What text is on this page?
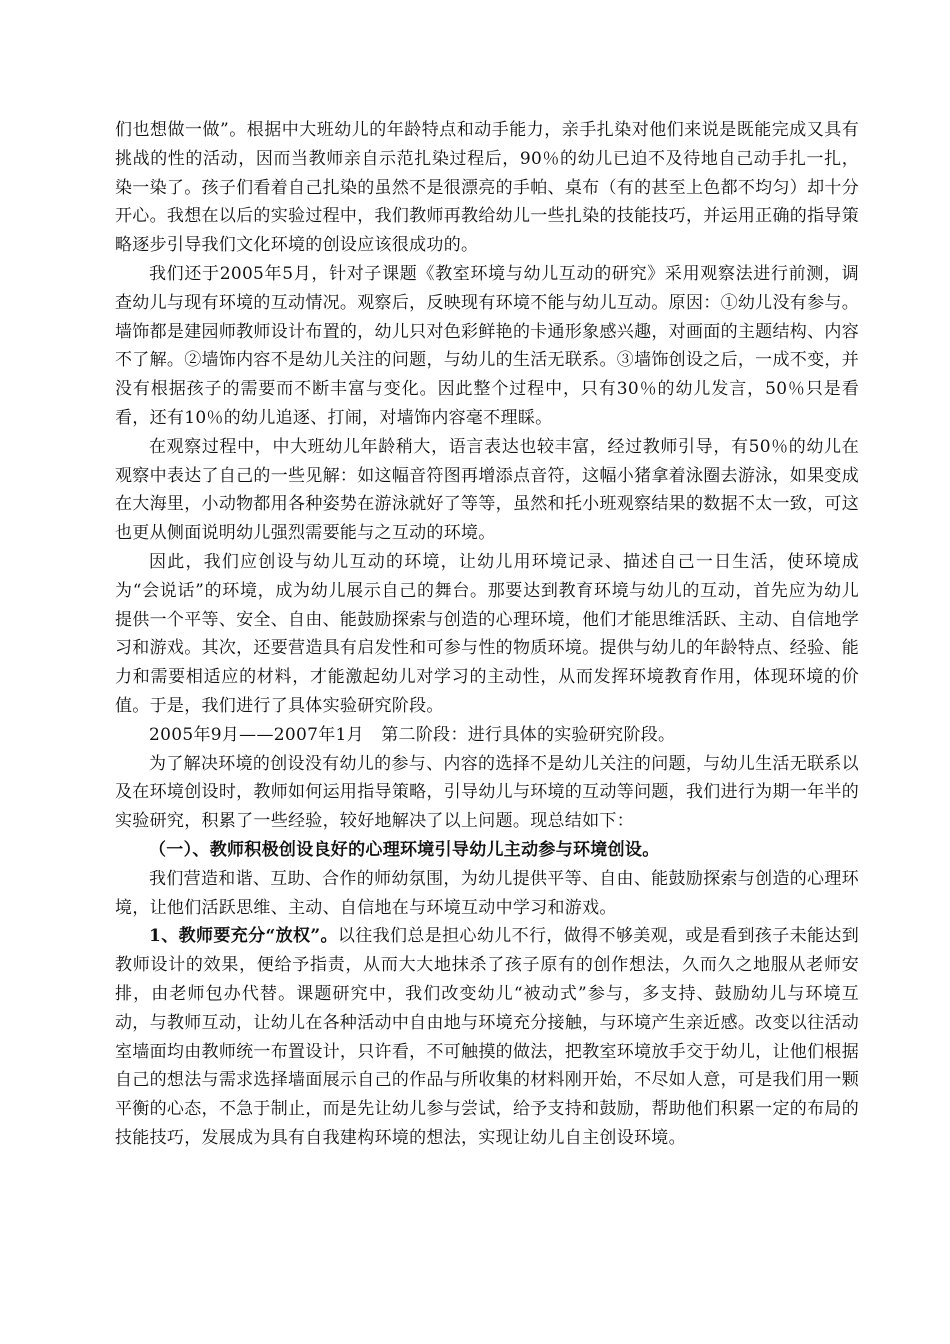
们也想做一做”。根据中大班幼儿的年龄特点和动手能力，亲手扎染对他们来说是既能完成又具有挑战的性的活动，因而当教师亲自示范扎染过程后，90％的幼儿已迫不及待地自己动手扎一扎，染一染了。孩子们看着自己扎染的虽然不是很漂亮的手帕、桌布（有的甚至上色都不均匀）却十分开心。我想在以后的实验过程中，我们教师再教给幼儿一些扎染的技能技巧，并运用正确的指导策略逐步引导我们文化环境的创设应该很成功的。

我们还于2005年5月，针对子课题《教室环境与幼儿互动的研究》采用观察法进行前测，调查幼儿与现有环境的互动情况。观察后，反映现有环境不能与幼儿互动。原因：①幼儿没有参与。墙饰都是建园师教师设计布置的，幼儿只对色彩鲜艳的卡通形象感兴趣，对画面的主题结构、内容不了解。②墙饰内容不是幼儿关注的问题，与幼儿的生活无联系。③墙饰创设之后，一成不变，并没有根据孩子的需要而不断丰富与变化。因此整个过程中，只有30％的幼儿发言，50％只是看看，还有10％的幼儿追逐、打闹，对墙饰内容毫不理睬。

在观察过程中，中大班幼儿年龄稍大，语言表达也较丰富，经过教师引导，有50％的幼儿在观察中表达了自己的一些见解：如这幅音符图再增添点音符，这幅小猪拿着泳圈去游泳，如果变成在大海里，小动物都用各种姿势在游泳就好了等等，虽然和托小班观察结果的数据不太一致，可这也更从侧面说明幼儿强烈需要能与之互动的环境。

因此，我们应创设与幼儿互动的环境，让幼儿用环境记录、描述自己一日生活，使环境成为“会说话”的环境，成为幼儿展示自己的舞台。那要达到教育环境与幼儿的互动，首先应为幼儿提供一个平等、安全、自由、能鼓励探索与创造的心理环境，他们才能思维活跃、主动、自信地学习和游戏。其次，还要营造具有启发性和可参与性的物质环境。提供与幼儿的年龄特点、经验、能力和需要相适应的材料，才能激起幼儿对学习的主动性，从而发挥环境教育作用，体现环境的价值。于是，我们进行了具体实验研究阶段。

2005年9月——2007年1月　第二阶段：进行具体的实验研究阶段。

为了解决环境的创设没有幼儿的参与、内容的选择不是幼儿关注的问题，与幼儿生活无联系以及在环境创设时，教师如何运用指导策略，引导幼儿与环境的互动等问题，我们进行为期一年半的实验研究，积累了一些经验，较好地解决了以上问题。现总结如下：

（一）、教师积极创设良好的心理环境引导幼儿主动参与环境创设。

我们营造和谐、互助、合作的师幼氛围，为幼儿提供平等、自由、能鼓励探索与创造的心理环境，让他们活跃思维、主动、自信地在与环境互动中学习和游戏。

1、教师要充分“放权”。以往我们总是担心幼儿不行，做得不够美观，或是看到孩子未能达到教师设计的效果，便给予指责，从而大大地抹杀了孩子原有的创作想法，久而久之地服从老师安排，由老师包办代替。课题研究中，我们改变幼儿“被动式”参与，多支持、鼓励幼儿与环境互动，与教师互动，让幼儿在各种活动中自由地与环境充分接触，与环境产生亲近感。改变以往活动室墙面均由教师统一布置设计，只许看，不可触摸的做法，把教室环境放手交于幼儿，让他们根据自己的想法与需求选择墙面展示自己的作品与所收集的材料刚开始，不尽如人意，可是我们用一颗平衡的心态，不急于制止，而是先让幼儿参与尝试，给予支持和鼓励，帮助他们积累一定的布局的技能技巧，发展成为具有自我建构环境的想法，实现让幼儿自主创设环境。
